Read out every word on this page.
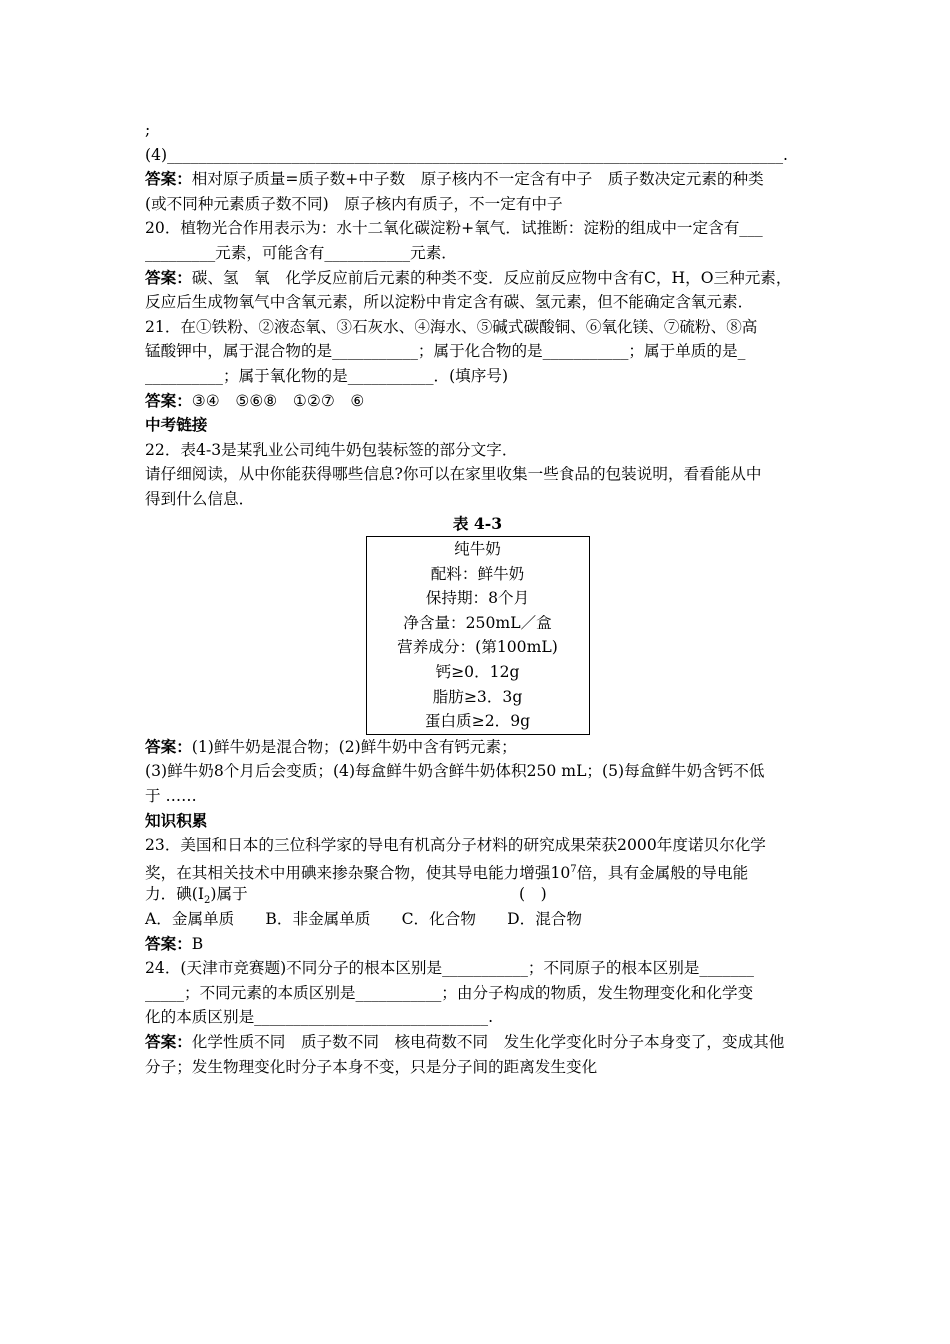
;
(4)_______________________________________________________________________________.
答案：相对原子质量=质子数+中子数　原子核内不一定含有中子　质子数决定元素的种类
(或不同种元素质子数不同)　原子核内有质子，不一定有中子
20．植物光合作用表示为：水十二氧化碳淀粉+氧气．试推断：淀粉的组成中一定含有___
_________元素，可能含有___________元素．
答案：碳、氢　氧　化学反应前后元素的种类不变．反应前反应物中含有C，H，O三种元素，
反应后生成物氧气中含氧元素，所以淀粉中肯定含有碳、氢元素，但不能确定含氧元素．
21．在①铁粉、②液态氧、③石灰水、④海水、⑤碱式碳酸铜、⑥氧化镁、⑦硫粉、⑧高
锰酸钾中，属于混合物的是___________；属于化合物的是___________；属于单质的是_
__________；属于氧化物的是___________．(填序号)
答案：③④　⑤⑥⑧　①②⑦　⑥
中考链接
22．表4-3是某乳业公司纯牛奶包装标签的部分文字．
请仔细阅读，从中你能获得哪些信息?你可以在家里收集一些食品的包装说明，看看能从中
得到什么信息．
表 4-3
纯牛奶
配料：鲜牛奶
保持期：8个月
净含量：250mL／盒
营养成分：(第100mL)
钙≥0．12g
脂肪≥3．3g
蛋白质≥2．9g
答案：(1)鲜牛奶是混合物；(2)鲜牛奶中含有钙元素；
(3)鲜牛奶8个月后会变质；(4)每盒鲜牛奶含鲜牛奶体积250 mL；(5)每盒鲜牛奶含钙不低
于 ……
知识积累
23．美国和日本的三位科学家的导电有机高分子材料的研究成果荣获2000年度诺贝尔化学
奖，在其相关技术中用碘来掺杂聚合物，使其导电能力增强$10^7$倍，具有金属般的导电能
力．碘$(I_2)$属于	(　)
A．金属单质　　B．非金属单质　　C．化合物　　D．混合物
答案：B
24．(天津市竞赛题)不同分子的根本区别是___________；不同原子的根本区别是_______
_____；不同元素的本质区别是___________；由分子构成的物质，发生物理变化和化学变
化的本质区别是______________________________.
答案：化学性质不同　质子数不同　核电荷数不同　发生化学变化时分子本身变了，变成其他
分子；发生物理变化时分子本身不变，只是分子间的距离发生变化
